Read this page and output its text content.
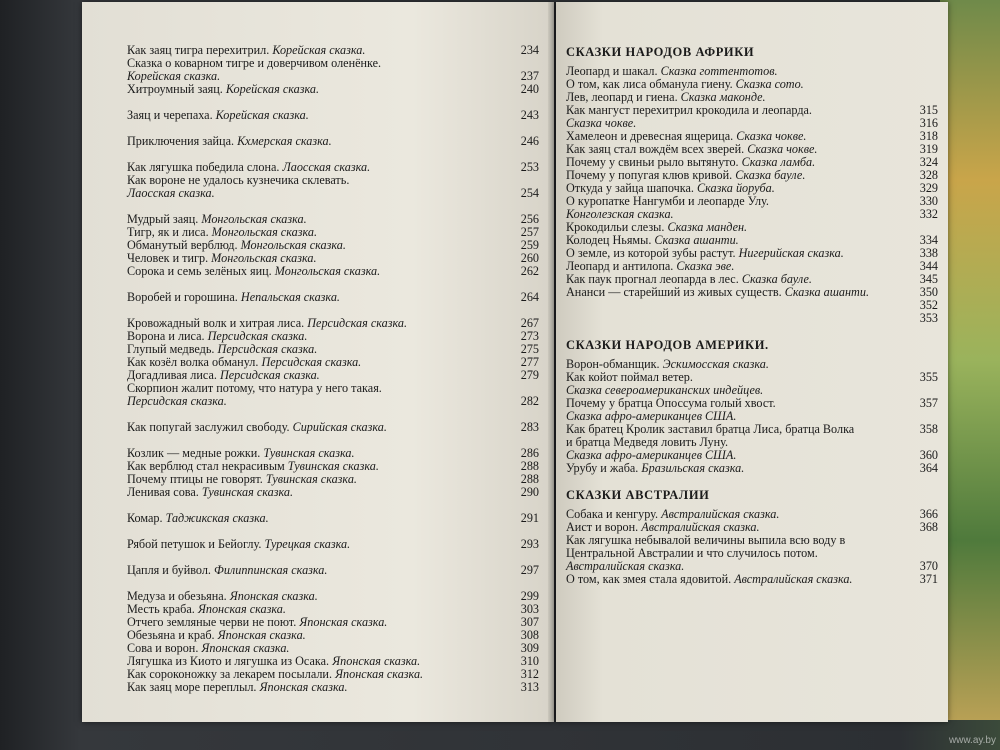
Как заяц тигра перехитрил. Корейская сказка.	234
Сказка о коварном тигре и доверчивом оленёнке.
Корейская сказка.	237
Хитроумный заяц. Корейская сказка.	240
Заяц и черепаха. Корейская сказка.	243
Приключения зайца. Кхмерская сказка.	246
Как лягушка победила слона. Лаосская сказка.	253
Как вороне не удалось кузнечика склевать.
Лаосская сказка.	254
Мудрый заяц. Монгольская сказка.	256
Тигр, як и лиса. Монгольская сказка.	257
Обманутый верблюд. Монгольская сказка.	259
Человек и тигр. Монгольская сказка.	260
Сорока и семь зелёных яиц. Монгольская сказка.	262
Воробей и горошина. Непальская сказка.	264
Кровожадный волк и хитрая лиса. Персидская сказка.	267
Ворона и лиса. Персидская сказка.	273
Глупый медведь. Персидская сказка.	275
Как козёл волка обманул. Персидская сказка.	277
Догадливая лиса. Персидская сказка.	279
Скорпион жалит потому, что натура у него такая.
Персидская сказка.	282
Как попугай заслужил свободу. Сирийская сказка.	283
Козлик — медные рожки. Тувинская сказка.	286
Как верблюд стал некрасивым Тувинская сказка.	288
Почему птицы не говорят. Тувинская сказка.	288
Ленивая сова. Тувинская сказка.	290
Комар. Таджикская сказка.	291
Рябой петушок и Бейоглу. Турецкая сказка.	293
Цапля и буйвол. Филиппинская сказка.	297
Медуза и обезьяна. Японская сказка.	299
Месть краба. Японская сказка.	303
Отчего земляные черви не поют. Японская сказка.	307
Обезьяна и краб. Японская сказка.	308
Сова и ворон. Японская сказка.	309
Лягушка из Киото и лягушка из Осака. Японская сказка.	310
Как сороконожку за лекарем посылали. Японская сказка.	312
Как заяц море переплыл. Японская сказка.	313
СКАЗКИ НАРОДОВ АФРИКИ
Леопард и шакал. Сказка готтентотов.
О том, как лиса обманула гиену. Сказка сото.
Лев, леопард и гиена. Сказка маконде.
Как мангуст перехитрил крокодила и леопарда.	315
Сказка чокве.	316
Хамелеон и древесная ящерица. Сказка чокве.	318
Как заяц стал вождём всех зверей. Сказка чокве.	319
Почему у свиньи рыло вытянуто. Сказка ламба.	324
Почему у попугая клюв кривой. Сказка бауле.	328
Откуда у зайца шапочка. Сказка йоруба.	329
О куропатке Нангумби и леопарде Улу.	330
Конголезская сказка.	332
Крокодильи слезы. Сказка манден.
Колодец Ньямы. Сказка ашанти.	334
О земле, из которой зубы растут. Нигерийская сказка.	338
Леопард и антилопа. Сказка эве.	344
Как паук прогнал леопарда в лес. Сказка бауле.	345
Ананси — старейший из живых существ. Сказка ашанти.	350
352
353
СКАЗКИ НАРОДОВ АМЕРИКИ.
Ворон-обманщик. Эскимосская сказка.
Как койот поймал ветер.	355
Сказка североамериканских индейцев.
Почему у братца Опоссума голый хвост.	357
Сказка афро-американцев США.
Как братец Кролик заставил братца Лиса, братца Волка	358
и братца Медведя ловить Луну.
Сказка афро-американцев США.	360
Урубу и жаба. Бразильская сказка.	364
СКАЗКИ АВСТРАЛИИ
Собака и кенгуру. Австралийская сказка.	366
Аист и ворон. Австралийская сказка.	368
Как лягушка небывалой величины выпила всю воду в
Центральной Австралии и что случилось потом.
Австралийская сказка.	370
О том, как змея стала ядовитой. Австралийская сказка.	371
www.ay.by
